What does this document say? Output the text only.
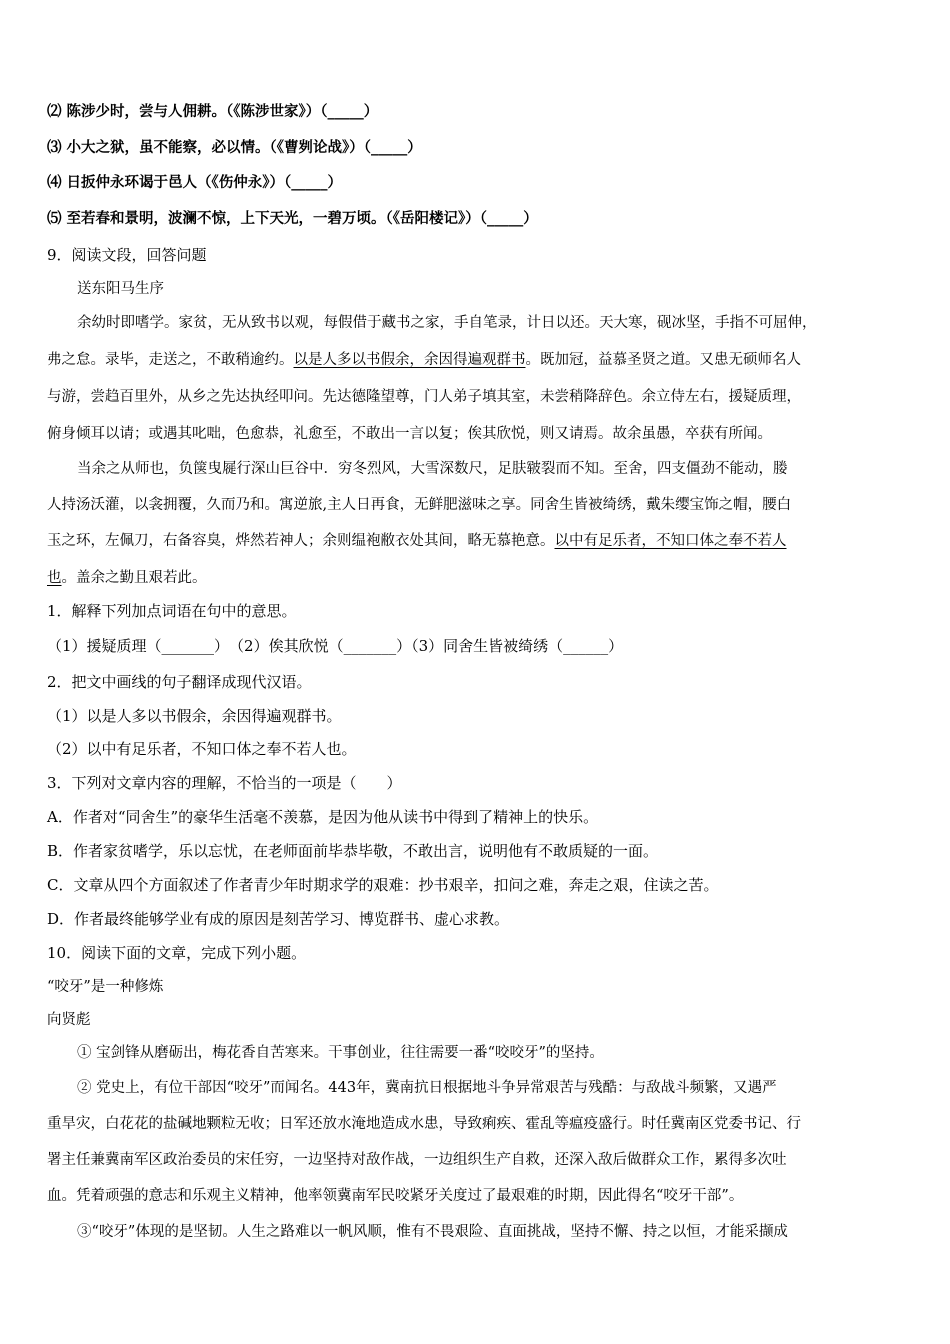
⑵ 陈涉少时，尝与人佣耕。（《陈涉世家》）（_____）
⑶ 小大之狱，虽不能察，必以情。（《曹刿论战》）（_____）
⑷ 日扳仲永环谒于邑人（《伤仲永》）（_____）
⑸ 至若春和景明，波澜不惊，上下天光，一碧万顷。（《岳阳楼记》）（_____）
9．阅读文段，回答问题
送东阳马生序
余幼时即嗜学。家贫，无从致书以观，每假借于藏书之家，手自笔录，计日以还。天大寒，砚冰坚，手指不可屈伸，
弗之怠。录毕，走送之，不敢稍逾约。以是人多以书假余，余因得遍观群书。既加冠，益慕圣贤之道。又患无硕师名人
与游，尝趋百里外，从乡之先达执经叩问。先达德隆望尊，门人弟子填其室，未尝稍降辞色。余立侍左右，援疑质理，
俯身倾耳以请；或遇其叱咄，色愈恭，礼愈至，不敢出一言以复；俟其欣悦，则又请焉。故余虽愚，卒获有所闻。
当余之从师也，负箧曳屣行深山巨谷中．穷冬烈风，大雪深数尺，足肤皲裂而不知。至舍，四支僵劲不能动，媵
人持汤沃灌，以衾拥覆，久而乃和。寓逆旅,主人日再食，无鲜肥滋味之享。同舍生皆被绮绣，戴朱缨宝饰之帽，腰白
玉之环，左佩刀，右备容臭，烨然若神人；余则缊袍敝衣处其间，略无慕艳意。以中有足乐者，不知口体之奉不若人
也。盖余之勤且艰若此。
1．解释下列加点词语在句中的意思。
（1）援疑质理（_______）　（2）俟其欣悦（_______）（3）同舍生皆被绮绣（______）
2．把文中画线的句子翻译成现代汉语。
（1）以是人多以书假余，余因得遍观群书。
（2）以中有足乐者，不知口体之奉不若人也。
3．下列对文章内容的理解，不恰当的一项是（　　）
A．作者对“同舍生”的豪华生活毫不羡慕，是因为他从读书中得到了精神上的快乐。
B．作者家贫嗜学，乐以忘忧，在老师面前毕恭毕敬，不敢出言，说明他有不敢质疑的一面。
C．文章从四个方面叙述了作者青少年时期求学的艰难：抄书艰辛，扣问之难，奔走之艰，住读之苦。
D．作者最终能够学业有成的原因是刻苦学习、博览群书、虚心求教。
10．阅读下面的文章，完成下列小题。
“咬牙”是一种修炼
向贤彪
① 宝剑锋从磨砺出，梅花香自苦寒来。干事创业，往往需要一番“咬咬牙”的坚持。
② 党史上，有位干部因“咬牙”而闻名。443年，冀南抗日根据地斗争异常艰苦与残酷：与敌战斗频繁，又遇严
重旱灾，白花花的盐碱地颗粒无收；日军还放水淹地造成水患，导致痢疾、霍乱等瘟疫盛行。时任冀南区党委书记、行
署主任兼冀南军区政治委员的宋任穷，一边坚持对敌作战，一边组织生产自救，还深入敌后做群众工作，累得多次吐
血。凭着顽强的意志和乐观主义精神，他率领冀南军民咬紧牙关度过了最艰难的时期，因此得名“咬牙干部”。
③“咬牙”体现的是坚韧。人生之路难以一帆风顺，惟有不畏艰险、直面挑战，坚持不懈、持之以恒，才能采撷成
